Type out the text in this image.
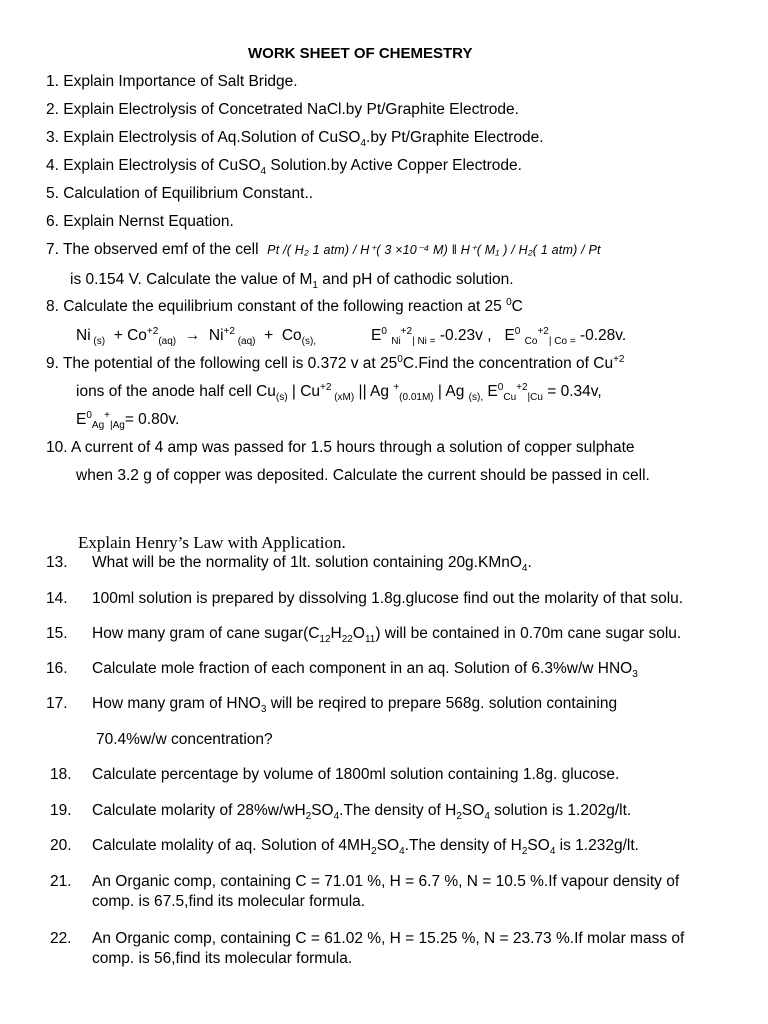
WORK SHEET OF CHEMESTRY
1. Explain Importance of Salt Bridge.
2. Explain Electrolysis of Concetrated NaCl.by Pt/Graphite Electrode.
3. Explain Electrolysis of Aq.Solution of CuSO$_4$.by Pt/Graphite Electrode.
4. Explain Electrolysis of CuSO$_4$ Solution.by Active Copper Electrode.
5. Calculation of Equilibrium Constant..
6. Explain Nernst Equation.
7. The observed emf of the cell Pt /( H₂ 1 atm) / H⁺( 3 ×10⁻⁴ M) ǁ H⁺( M₁ ) / H₂( 1 atm) / Pt
is 0.154 V. Calculate the value of $M_1$ and pH of cathodic solution.
8. Calculate the equilibrium constant of the following reaction at 25 $^0$C
Ni $_{(s)} + Co^{+2}_{(aq)} \to Ni^{+2}$ $_{(aq)} + Co_{(s),}$	$E^0$ $_{Ni}^{+2}_{| Ni =}$ -0.23v , $E^0$ $_{Co}^{+2}_{| Co =}$ -0.28v.
9. The potential of the following cell is 0.372 v at $25^0C.Find$ the concentration of $Cu^{+2}$
ions of the anode half cell $Cu_{(s)}$ | $Cu^{+2}$ $_{(xM)}$ || Ag +$_{(0.01M)}$ | Ag $_{(s),}$ $E^0_{Cu}^{+2}_{|Cu} = 0.34v$,
$E^0_{Ag}^+_{|Ag}= 0.80v$.
10. A current of 4 amp was passed for 1.5 hours through a solution of copper sulphate
when 3.2 g of copper was deposited. Calculate the current should be passed in cell.
Explain Henry’s Law with Application.
13.	What will be the normality of 1lt. solution containing 20g.KMnO$_4$.
14.	100ml solution is prepared by dissolving 1.8g.glucose find out the molarity of that solu.
15.	How many gram of cane $sugar(C_{12}H_{22}O_{11})$ will be contained in 0.70m cane sugar solu.
16.	Calculate mole fraction of each component in an aq. Solution of 6.3%w/w $HNO_3$
17.	How many gram of $HNO_3$ will be reqired to prepare 568g. solution containing
70.4%w/w concentration?
18.	Calculate percentage by volume of 1800ml solution containing 1.8g. glucose.
19.	Calculate molarity of $28\%w/wH_2SO_4.The$ density of $H_2SO_4$ solution is 1.202g/lt.
20.	Calculate molality of aq. Solution of $4MH_2SO_4.The$ density of $H_2SO_4$ is 1.232g/lt.
21.	An Organic comp, containing C = 71.01 %, H = 6.7 %, N = 10.5 %.If vapour density of
comp. is 67.5,find its molecular formula.
22.	An Organic comp, containing C = 61.02 %, H = 15.25 %, N = 23.73 %.If molar mass of
comp. is 56,find its molecular formula.
